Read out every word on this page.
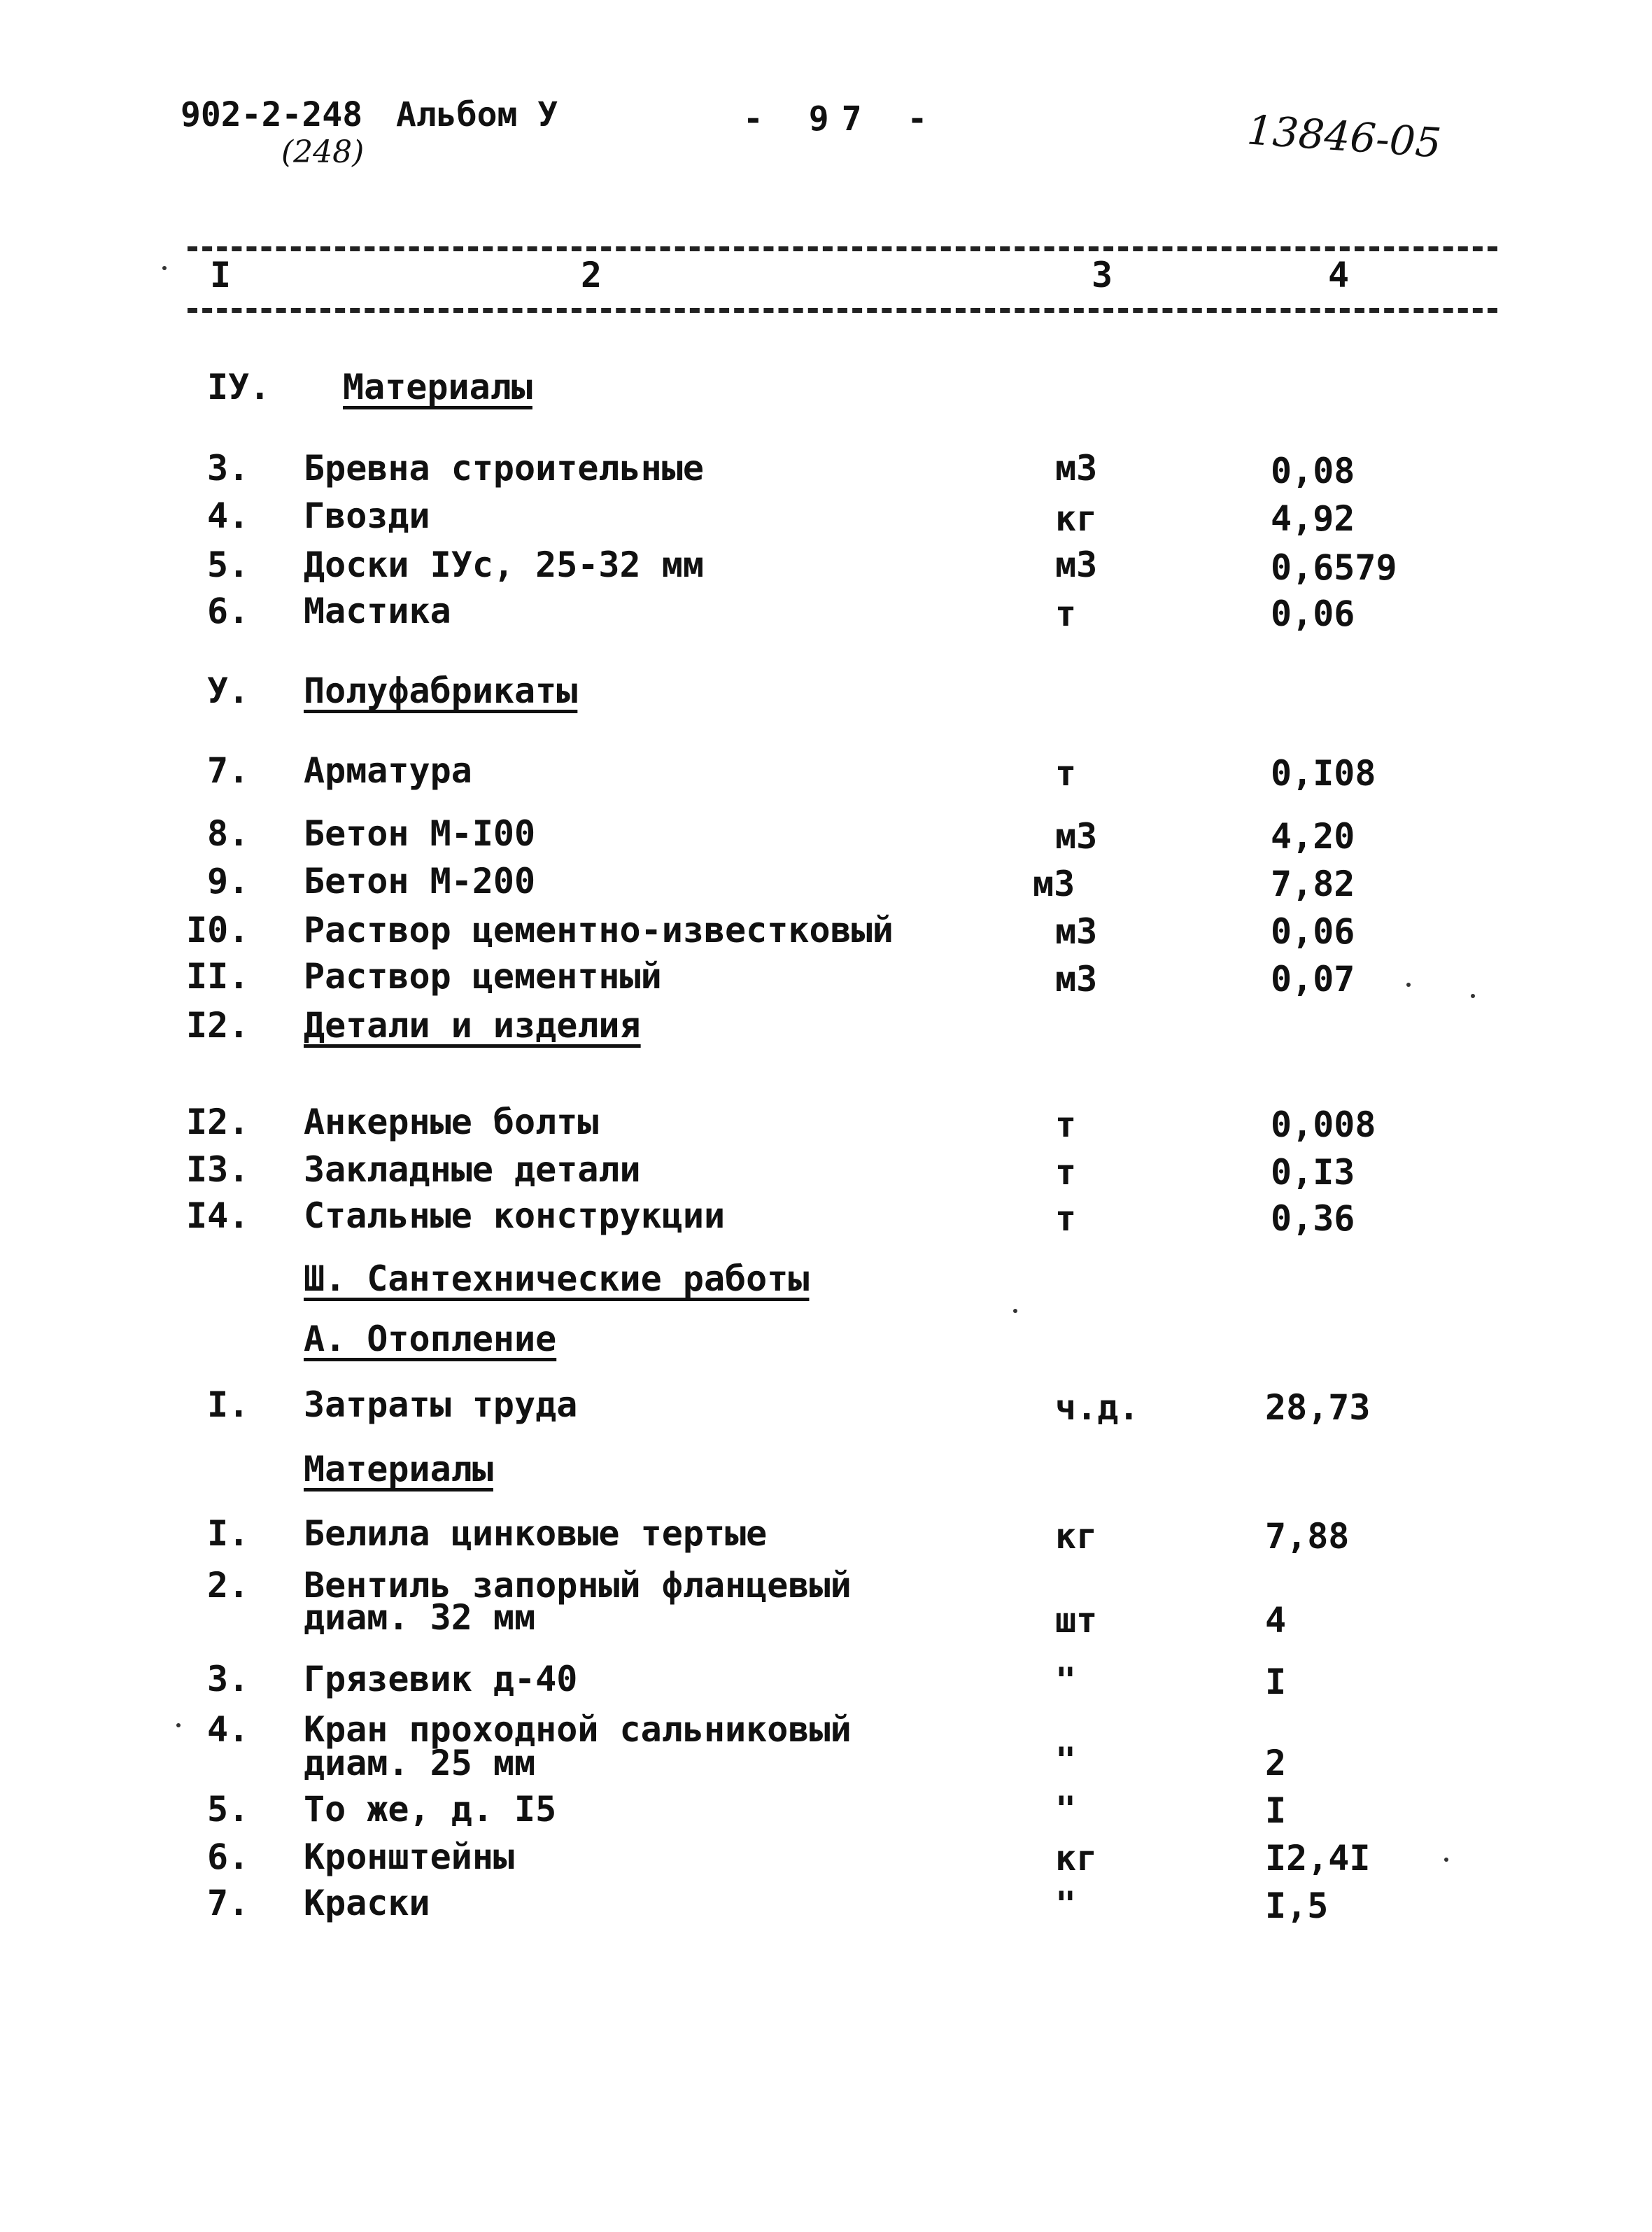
902-2-248
(248)
Альбом У	- 97 -	13846-05
I	2	3	4
IУ. Материалы
3. Бревна строительные	м3	0,08
4. Гвозди	кг	4,92
5. Доски IУс, 25-32 мм	м3	0,6579
6. Мастика	т	0,06
У. Полуфабрикаты
7. Арматура	т	0,I08
8. Бетон М-I00	м3	4,20
9. Бетон М-200	м3	7,82
I0. Раствор цементно-известковый	м3	0,06
II. Раствор цементный	м3	0,07
I2. Детали и изделия
I2. Анкерные болты	т	0,008
I3. Закладные детали	т	0,I3
I4. Стальные конструкции	т	0,36
Ш. Сантехнические работы
А. Отопление
I. Затраты труда	ч.д.	28,73
Материалы
I. Белила цинковые тертые	кг	7,88
2. Вентиль запорный фланцевый
диам. 32 мм	шт	4
3. Грязевик д-40	"	I
4. Кран проходной сальниковый
диам. 25 мм	"	2
5. То же, д. I5	"	I
6. Кронштейны	кг	I2,4I
7. Краски	"	I,5
